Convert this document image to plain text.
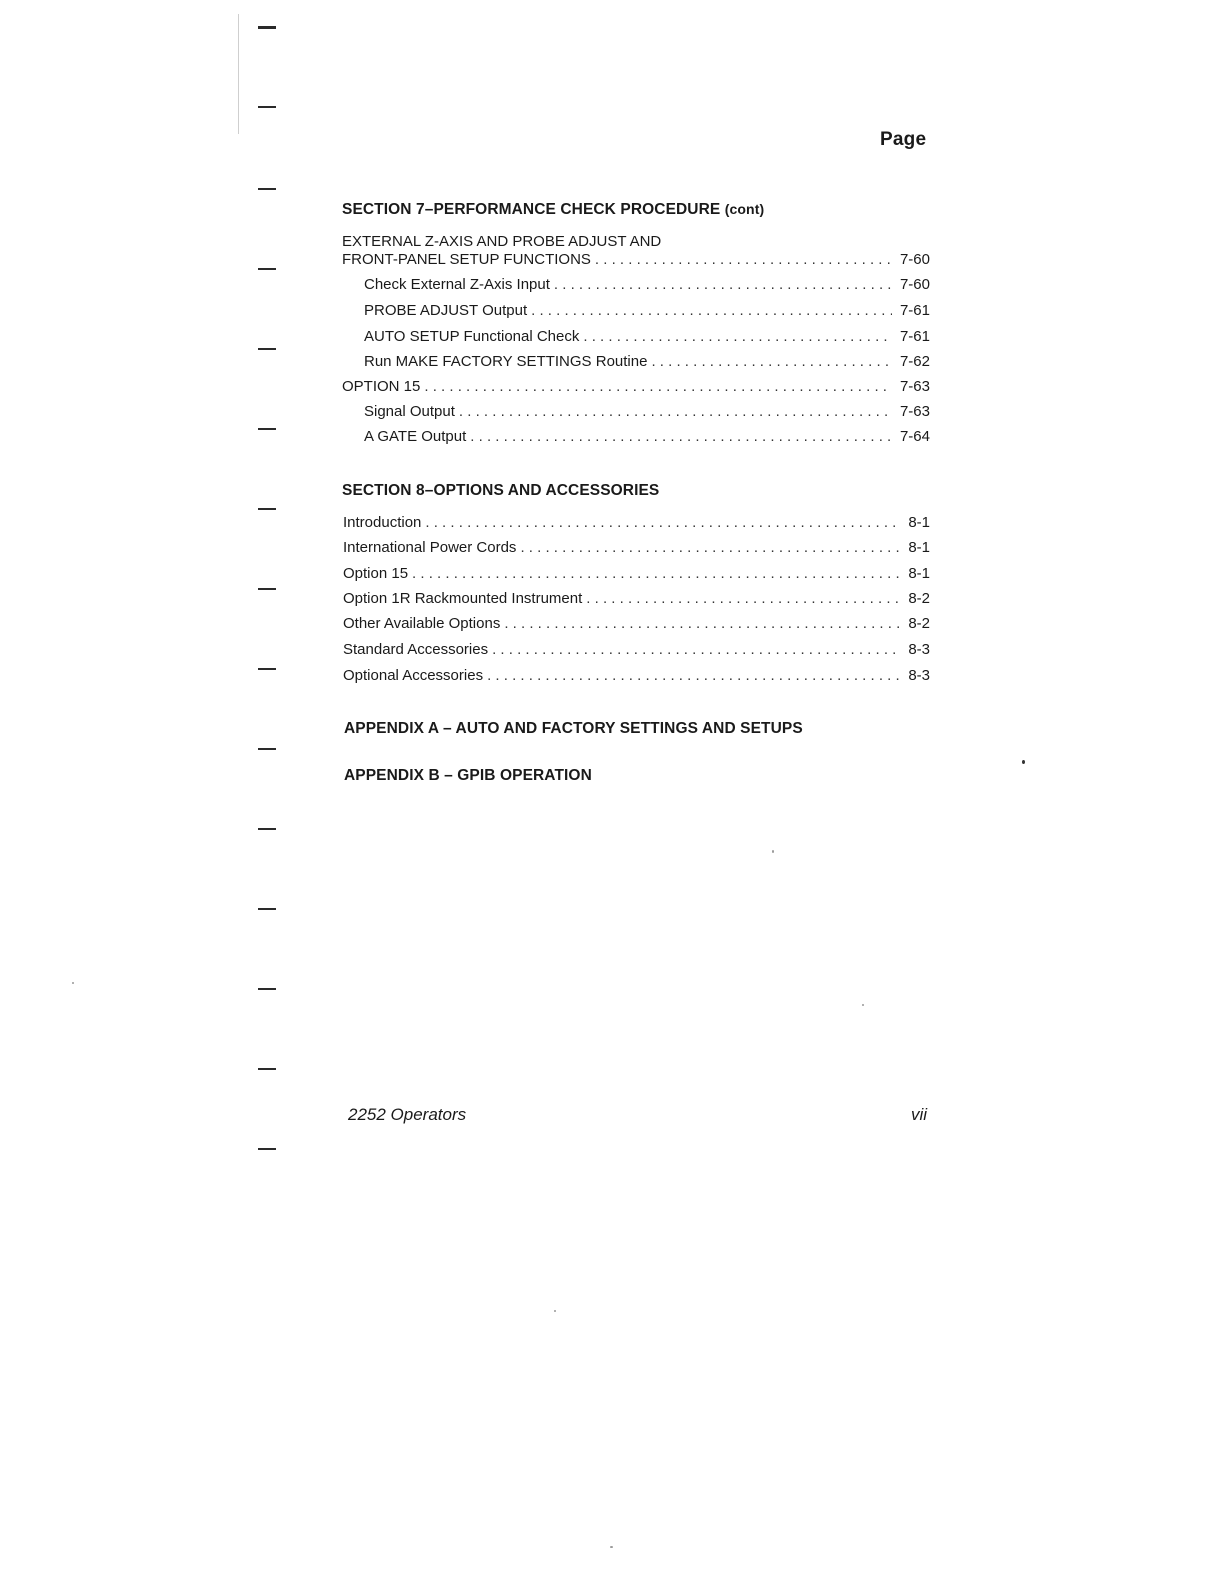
Page
SECTION 7–PERFORMANCE CHECK PROCEDURE (cont)
EXTERNAL Z-AXIS AND PROBE ADJUST AND
FRONT-PANEL SETUP FUNCTIONS . . .	7-60
Check External Z-Axis Input . . .	7-60
PROBE ADJUST Output . . .	7-61
AUTO SETUP Functional Check . . .	7-61
Run MAKE FACTORY SETTINGS Routine . . .	7-62
OPTION 15 . . .	7-63
Signal Output . . .	7-63
A GATE Output . . .	7-64
SECTION 8–OPTIONS AND ACCESSORIES
Introduction . . .	8-1
International Power Cords . . .	8-1
Option 15 . . .	8-1
Option 1R Rackmounted Instrument . . .	8-2
Other Available Options . . .	8-2
Standard Accessories . . .	8-3
Optional Accessories . . .	8-3
APPENDIX A – AUTO AND FACTORY SETTINGS AND SETUPS
APPENDIX B – GPIB OPERATION
2252 Operators	vii
